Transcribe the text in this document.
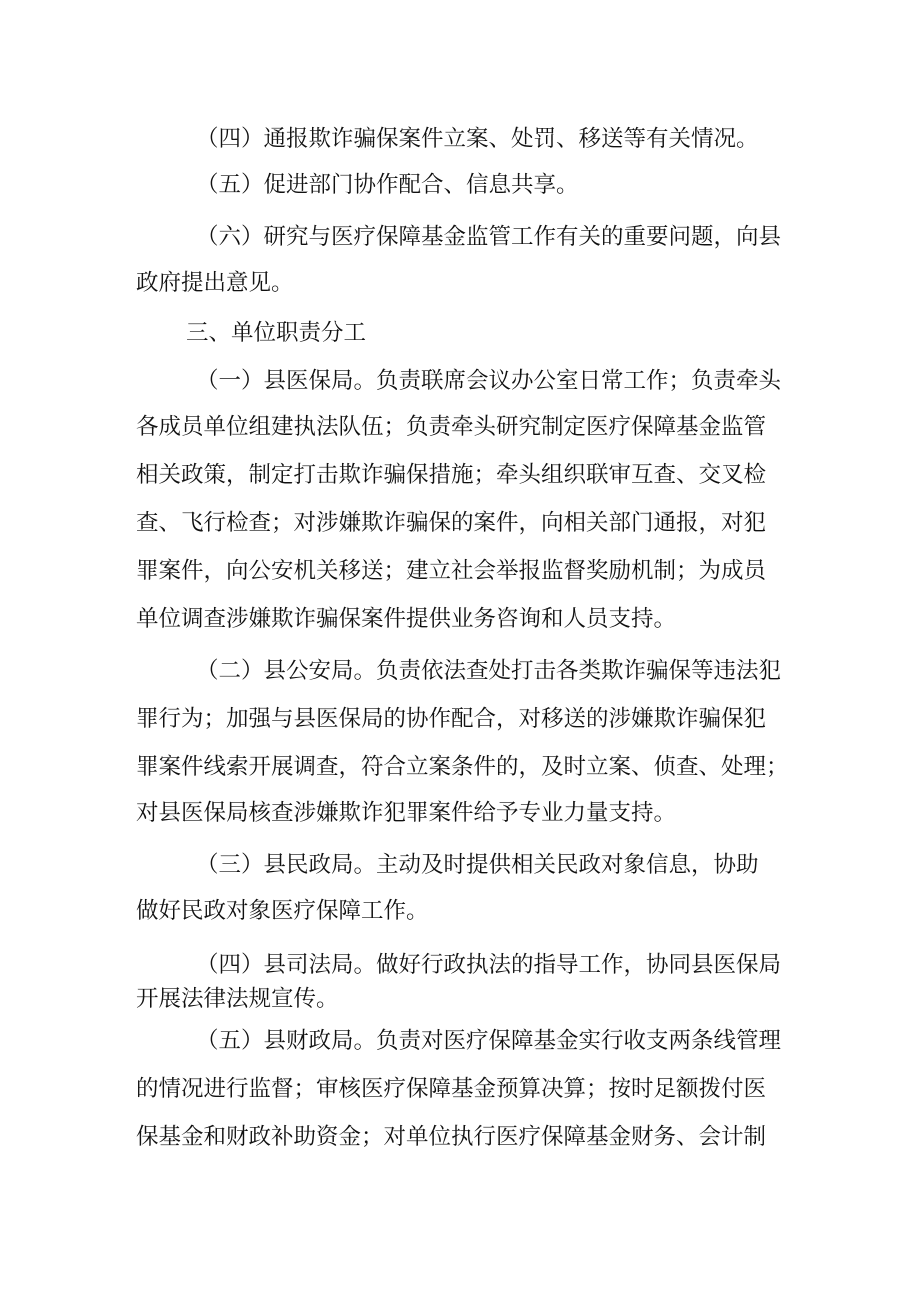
（四）通报欺诈骗保案件立案、处罚、移送等有关情况。
（五）促进部门协作配合、信息共享。
（六）研究与医疗保障基金监管工作有关的重要问题，向县
政府提出意见。
三、单位职责分工
（一）县医保局。负责联席会议办公室日常工作；负责牵头
各成员单位组建执法队伍；负责牵头研究制定医疗保障基金监管
相关政策，制定打击欺诈骗保措施；牵头组织联审互查、交叉检
查、飞行检查；对涉嫌欺诈骗保的案件，向相关部门通报，对犯
罪案件，向公安机关移送；建立社会举报监督奖励机制；为成员
单位调查涉嫌欺诈骗保案件提供业务咨询和人员支持。
（二）县公安局。负责依法查处打击各类欺诈骗保等违法犯
罪行为；加强与县医保局的协作配合，对移送的涉嫌欺诈骗保犯
罪案件线索开展调查，符合立案条件的，及时立案、侦查、处理；
对县医保局核查涉嫌欺诈犯罪案件给予专业力量支持。
（三）县民政局。主动及时提供相关民政对象信息，协助
做好民政对象医疗保障工作。
（四）县司法局。做好行政执法的指导工作，协同县医保局
开展法律法规宣传。
（五）县财政局。负责对医疗保障基金实行收支两条线管理
的情况进行监督；审核医疗保障基金预算决算；按时足额拨付医
保基金和财政补助资金；对单位执行医疗保障基金财务、会计制
